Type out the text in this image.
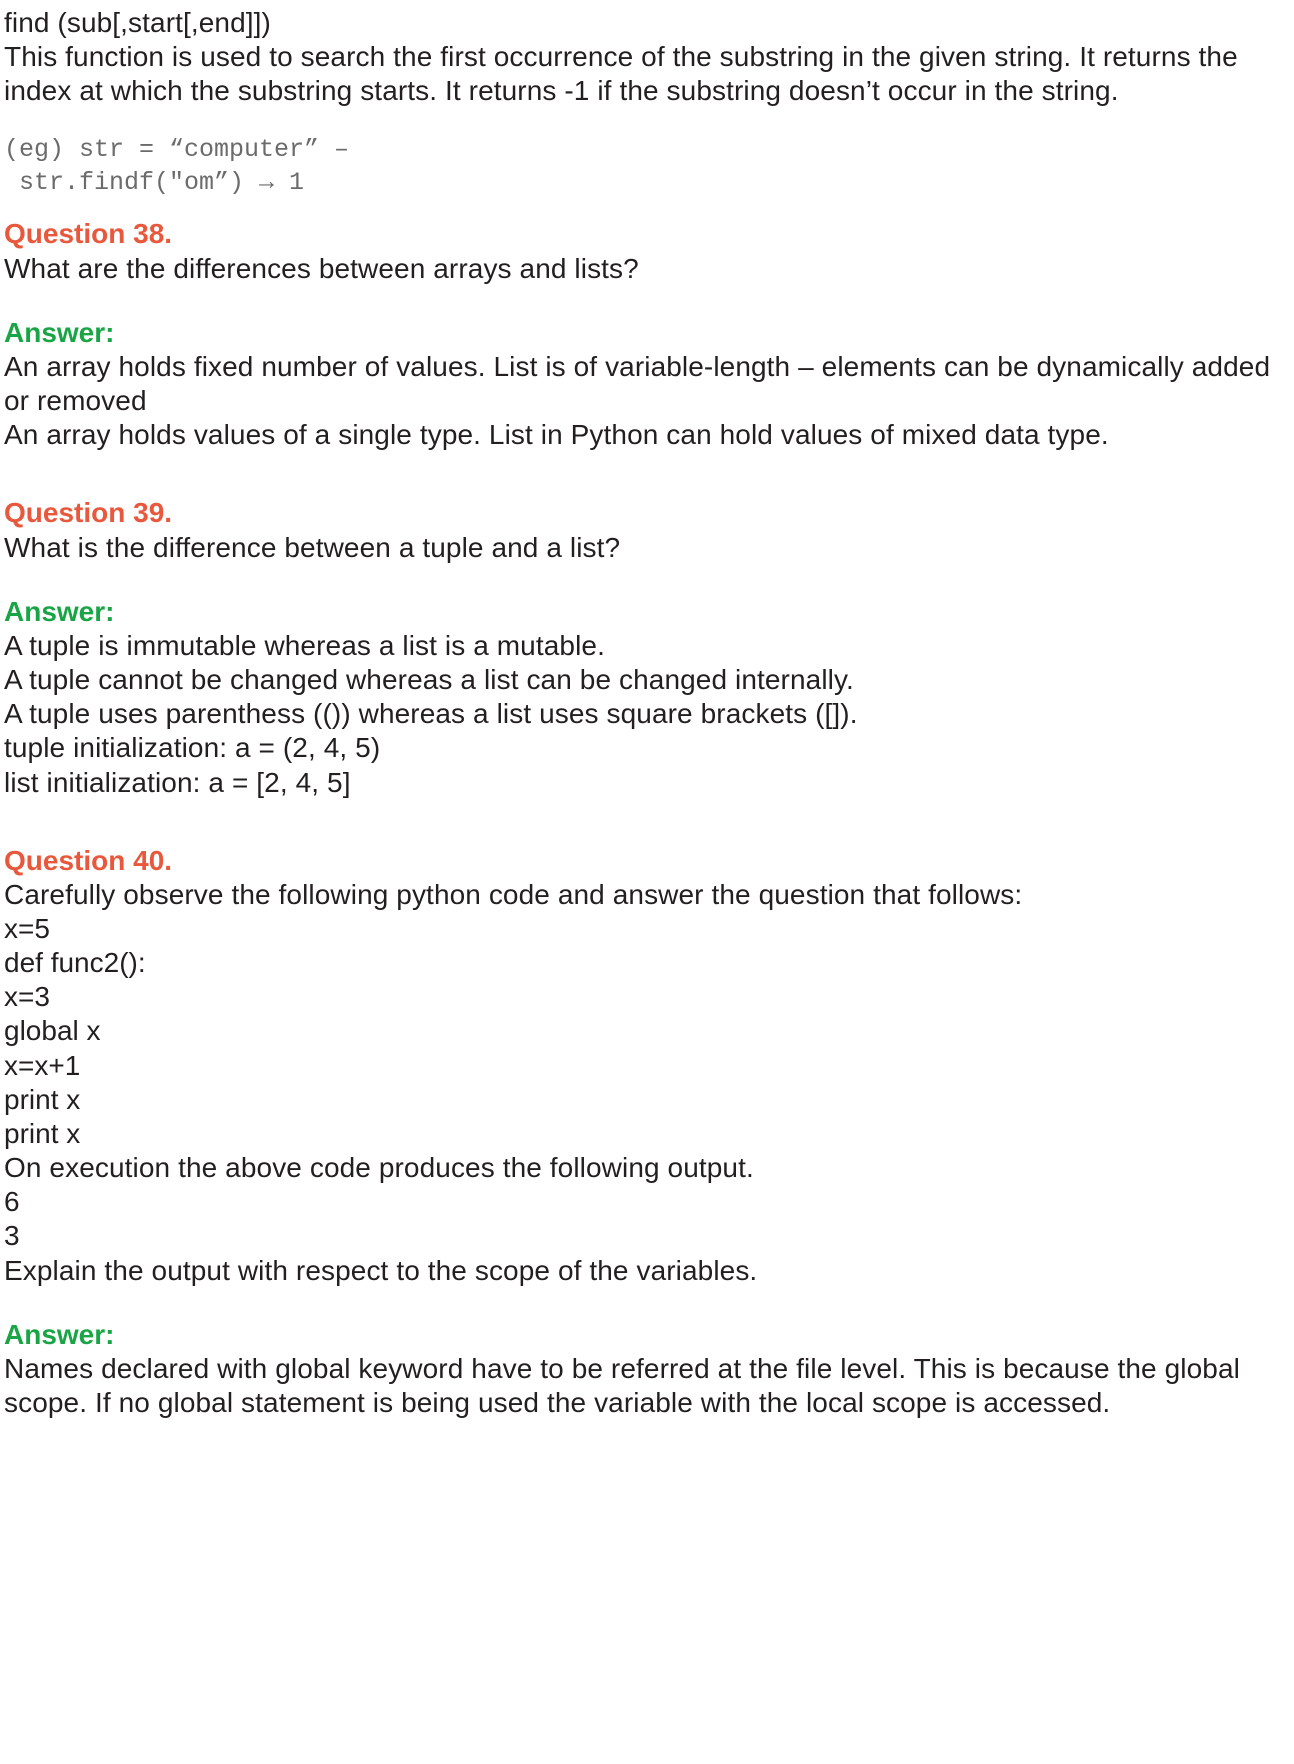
find (sub[,start[,end]])

This function is used to search the first occurrence of the substring in the given string. It returns the index at which the substring starts. It returns -1 if the substring doesn’t occur in the string.

(eg) str = “computer” –

str.findf("om”) → 1

Question 38.

What are the differences between arrays and lists?

Answer:

An array holds fixed number of values. List is of variable-length – elements can be dynamically added or removed

An array holds values of a single type. List in Python can hold values of mixed data type.

Question 39.

What is the difference between a tuple and a list?

Answer:

A tuple is immutable whereas a list is a mutable.

A tuple cannot be changed whereas a list can be changed internally.

A tuple uses parenthess (()) whereas a list uses square brackets ([]).

tuple initialization: a = (2, 4, 5)

list initialization: a = [2, 4, 5]

Question 40.

Carefully observe the following python code and answer the question that follows:

x=5

def func2():

x=3

global x

x=x+1

print x

print x

On execution the above code produces the following output.

6

3

Explain the output with respect to the scope of the variables.

Answer:

Names declared with global keyword have to be referred at the file level. This is because the global scope. If no global statement is being used the variable with the local scope is accessed.
